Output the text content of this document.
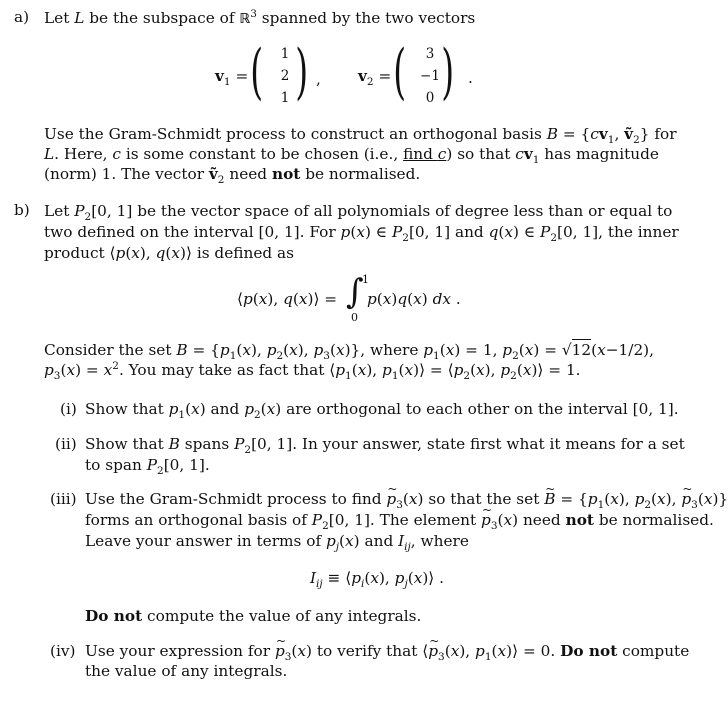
a) Let L be the subspace of ℝ$^3$ spanned by the two vectors
$v_1$ = (	1
2
1 ) , $v_2$ = (	3
−1
0 ) .
Use the Gram-Schmidt process to construct an orthogonal basis $B = \{cv_1$, ṽ$_2$} for
L. Here, c is some constant to be chosen (i.e., find c) so that $cv_1$ has magnitude
(norm) 1. The vector ṽ$_2$ need not be normalised.
b) Let $P_2[0$, 1] be the vector space of all polynomials of degree less than or equal to
two defined on the interval [0, 1]. For p(x) ∈ $P_2[0$, 1] and q(x) ∈ $P_2[0$, 1], the inner
product ⟨p(x), q(x)⟩ is defined as
⟨p(x), q(x)⟩ = ∫
1
0
p(x)q(x) dx .
Consider the set $B = \{p_1(x)$, $p_2(x)$, $p_3(x)$}, where $p_1(x) = 1$, $p_2(x) = √12(x-1/2)$,
$p_3(x) = x^2$. You may take as fact that $⟨p_1(x)$, $p_1(x)⟩$ = $⟨p_2(x)$, $p_2(x)⟩ = 1$.
(i) Show that $p_1(x)$ and $p_2(x)$ are orthogonal to each other on the interval [0, 1].
(ii) Show that B spans $P_2[0$, 1]. In your answer, state first what it means for a set
to span $P_2[0$, 1].
(iii) Use the Gram-Schmidt process to find ~ $p_3(x)$ so that the set ~ $B = \{p_1(x)$, $p_2(x)$, ~ $p_3(x)$}
forms an orthogonal basis of $P_2[0$, 1]. The element ~ $p_3(x)$ need not be normalised.
Leave your answer in terms of $p_j(x)$ and $I_{ij}$, where
$I_{ij}$ ≡ $⟨p_i(x)$, $p_j(x)⟩$ .
Do not compute the value of any integrals.
(iv) Use your expression for ~ $p_3(x)$ to verify that ⟨~ $p_3(x)$, $p_1(x)⟩ = 0$. Do not compute
the value of any integrals.
